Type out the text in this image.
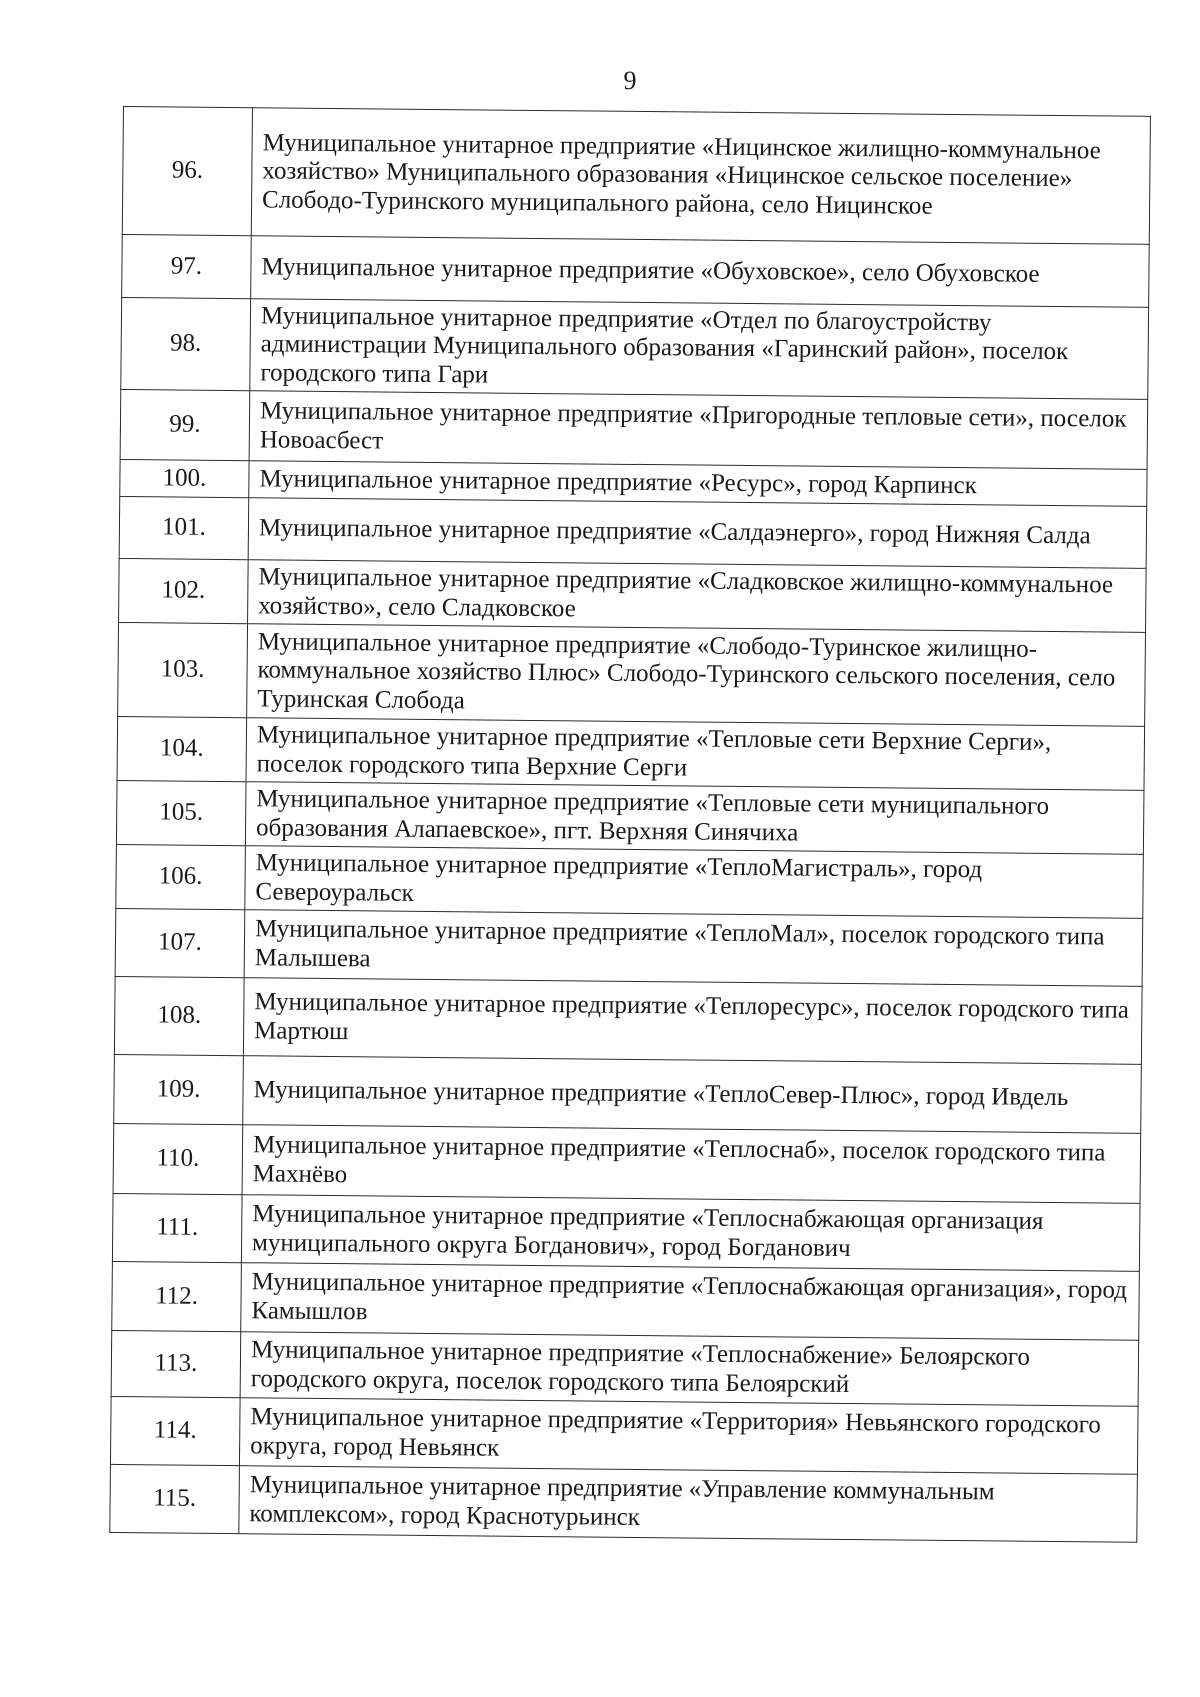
9
96.	Муниципальное унитарное предприятие «Ницинское жилищно-коммунальное хозяйство» Муниципального образования «Ницинское сельское поселение» Слободо-Туринского муниципального района, село Ницинское
97.	Муниципальное унитарное предприятие «Обуховское», село Обуховское
98.	Муниципальное унитарное предприятие «Отдел по благоустройству администрации Муниципального образования «Гаринский район», поселок городского типа Гари
99.	Муниципальное унитарное предприятие «Пригородные тепловые сети», поселок Новоасбест
100.	Муниципальное унитарное предприятие «Ресурс», город Карпинск
101.	Муниципальное унитарное предприятие «Салдаэнерго», город Нижняя Салда
102.	Муниципальное унитарное предприятие «Сладковское жилищно-коммунальное хозяйство», село Сладковское
103.	Муниципальное унитарное предприятие «Слободо-Туринское жилищно-коммунальное хозяйство Плюс» Слободо-Туринского сельского поселения, село Туринская Слобода
104.	Муниципальное унитарное предприятие «Тепловые сети Верхние Серги», поселок городского типа Верхние Серги
105.	Муниципальное унитарное предприятие «Тепловые сети муниципального образования Алапаевское», пгт. Верхняя Синячиха
106.	Муниципальное унитарное предприятие «ТеплоМагистраль», город Североуральск
107.	Муниципальное унитарное предприятие «ТеплоМал», поселок городского типа Малышева
108.	Муниципальное унитарное предприятие «Теплоресурс», поселок городского типа Мартюш
109.	Муниципальное унитарное предприятие «ТеплоСевер-Плюс», город Ивдель
110.	Муниципальное унитарное предприятие «Теплоснаб», поселок городского типа Махнёво
111.	Муниципальное унитарное предприятие «Теплоснабжающая организация муниципального округа Богданович», город Богданович
112.	Муниципальное унитарное предприятие «Теплоснабжающая организация», город Камышлов
113.	Муниципальное унитарное предприятие «Теплоснабжение» Белоярского городского округа, поселок городского типа Белоярский
114.	Муниципальное унитарное предприятие «Территория» Невьянского городского округа, город Невьянск
115.	Муниципальное унитарное предприятие «Управление коммунальным комплексом», город Краснотурьинск
